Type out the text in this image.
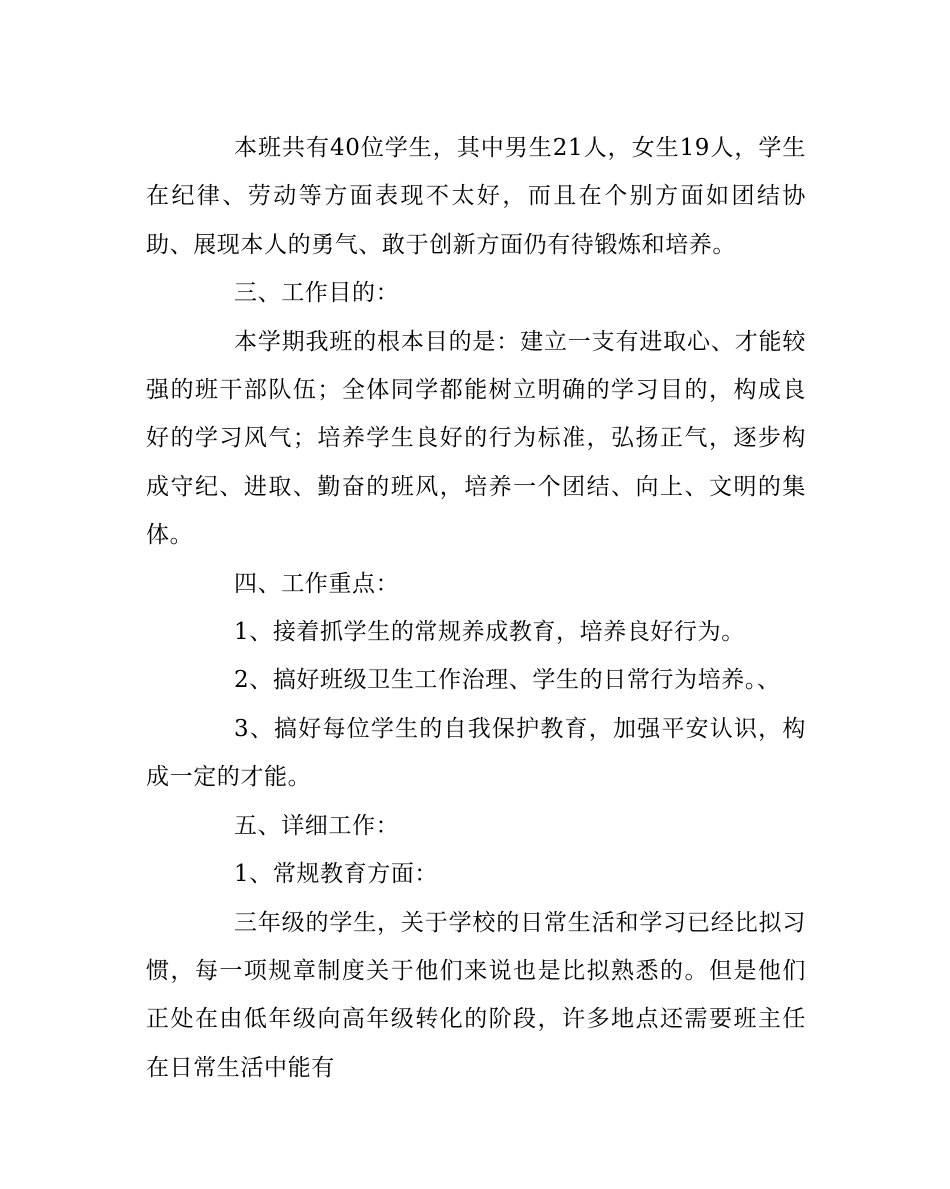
本班共有40位学生，其中男生21人，女生19人，学生在纪律、劳动等方面表现不太好，而且在个别方面如团结协助、展现本人的勇气、敢于创新方面仍有待锻炼和培养。

三、工作目的：

本学期我班的根本目的是：建立一支有进取心、才能较强的班干部队伍；全体同学都能树立明确的学习目的，构成良好的学习风气；培养学生良好的行为标准，弘扬正气，逐步构成守纪、进取、勤奋的班风，培养一个团结、向上、文明的集体。

四、工作重点：

1、接着抓学生的常规养成教育，培养良好行为。

2、搞好班级卫生工作治理、学生的日常行为培养。、

3、搞好每位学生的自我保护教育，加强平安认识，构成一定的才能。

五、详细工作：

1、常规教育方面：

三年级的学生，关于学校的日常生活和学习已经比拟习惯，每一项规章制度关于他们来说也是比拟熟悉的。但是他们正处在由低年级向高年级转化的阶段，许多地点还需要班主任在日常生活中能有
